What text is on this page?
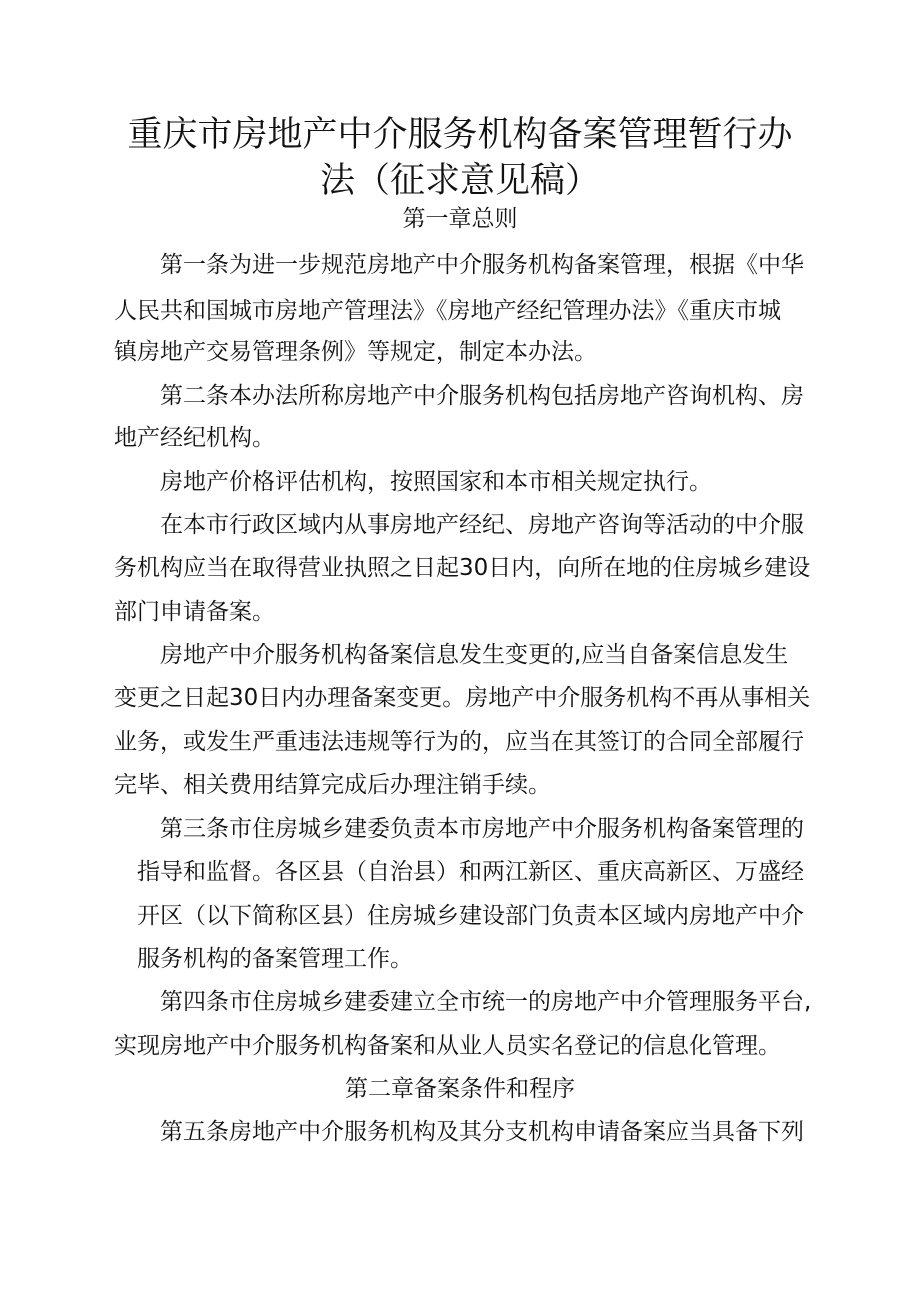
重庆市房地产中介服务机构备案管理暂行办
法（征求意见稿）
第一章总则
第一条为进一步规范房地产中介服务机构备案管理，根据《中华
人民共和国城市房地产管理法》《房地产经纪管理办法》《重庆市城
镇房地产交易管理条例》等规定，制定本办法。
第二条本办法所称房地产中介服务机构包括房地产咨询机构、房
地产经纪机构。
房地产价格评估机构，按照国家和本市相关规定执行。
在本市行政区域内从事房地产经纪、房地产咨询等活动的中介服
务机构应当在取得营业执照之日起30日内，向所在地的住房城乡建设
部门申请备案。
房地产中介服务机构备案信息发生变更的,应当自备案信息发生
变更之日起30日内办理备案变更。房地产中介服务机构不再从事相关
业务，或发生严重违法违规等行为的，应当在其签订的合同全部履行
完毕、相关费用结算完成后办理注销手续。
第三条市住房城乡建委负责本市房地产中介服务机构备案管理的
指导和监督。各区县（自治县）和两江新区、重庆高新区、万盛经
开区（以下简称区县）住房城乡建设部门负责本区域内房地产中介
服务机构的备案管理工作。
第四条市住房城乡建委建立全市统一的房地产中介管理服务平台,
实现房地产中介服务机构备案和从业人员实名登记的信息化管理。
第二章备案条件和程序
第五条房地产中介服务机构及其分支机构申请备案应当具备下列
